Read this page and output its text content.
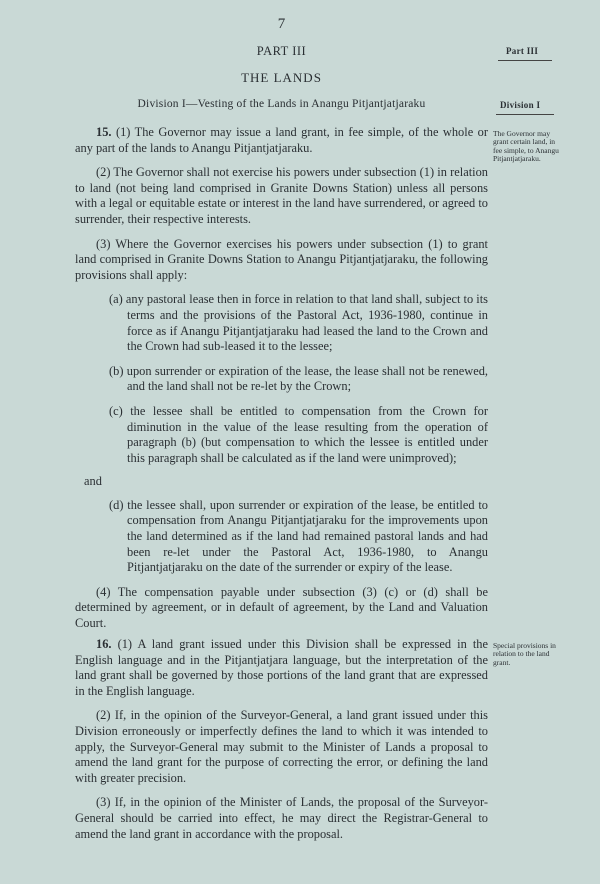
7
PART III	Part III
THE LANDS
Division I—Vesting of the Lands in Anangu Pitjantjatjaraku	Division I

15. (1) The Governor may issue a land grant, in fee simple, of the whole or any part of the lands to Anangu Pitjantjatjaraku.

(2) The Governor shall not exercise his powers under subsection (1) in relation to land (not being land comprised in Granite Downs Station) unless all persons with a legal or equitable estate or interest in the land have surrendered, or agreed to surrender, their respective interests.

(3) Where the Governor exercises his powers under subsection (1) to grant land comprised in Granite Downs Station to Anangu Pitjantjatjaraku, the following provisions shall apply:

(a) any pastoral lease then in force in relation to that land shall, subject to its terms and the provisions of the Pastoral Act, 1936-1980, continue in force as if Anangu Pitjantjatjaraku had leased the land to the Crown and the Crown had sub-leased it to the lessee;
(b) upon surrender or expiration of the lease, the lease shall not be renewed, and the land shall not be re-let by the Crown;
(c) the lessee shall be entitled to compensation from the Crown for diminution in the value of the lease resulting from the operation of paragraph (b) (but compensation to which the lessee is entitled under this paragraph shall be calculated as if the land were unimproved);
and
(d) the lessee shall, upon surrender or expiration of the lease, be entitled to compensation from Anangu Pitjantjatjaraku for the improvements upon the land determined as if the land had remained pastoral lands and had been re-let under the Pastoral Act, 1936-1980, to Anangu Pitjantjatjaraku on the date of the surrender or expiry of the lease.

(4) The compensation payable under subsection (3) (c) or (d) shall be determined by agreement, or in default of agreement, by the Land and Valuation Court.

The Governor may grant certain land, in fee simple, to Anangu Pitjantjatjaraku.

16. (1) A land grant issued under this Division shall be expressed in the English language and in the Pitjantjatjara language, but the interpretation of the land grant shall be governed by those portions of the land grant that are expressed in the English language.

(2) If, in the opinion of the Surveyor-General, a land grant issued under this Division erroneously or imperfectly defines the land to which it was intended to apply, the Surveyor-General may submit to the Minister of Lands a proposal to amend the land grant for the purpose of correcting the error, or defining the land with greater precision.

(3) If, in the opinion of the Minister of Lands, the proposal of the Surveyor-General should be carried into effect, he may direct the Registrar-General to amend the land grant in accordance with the proposal.

Special provisions in relation to the land grant.
